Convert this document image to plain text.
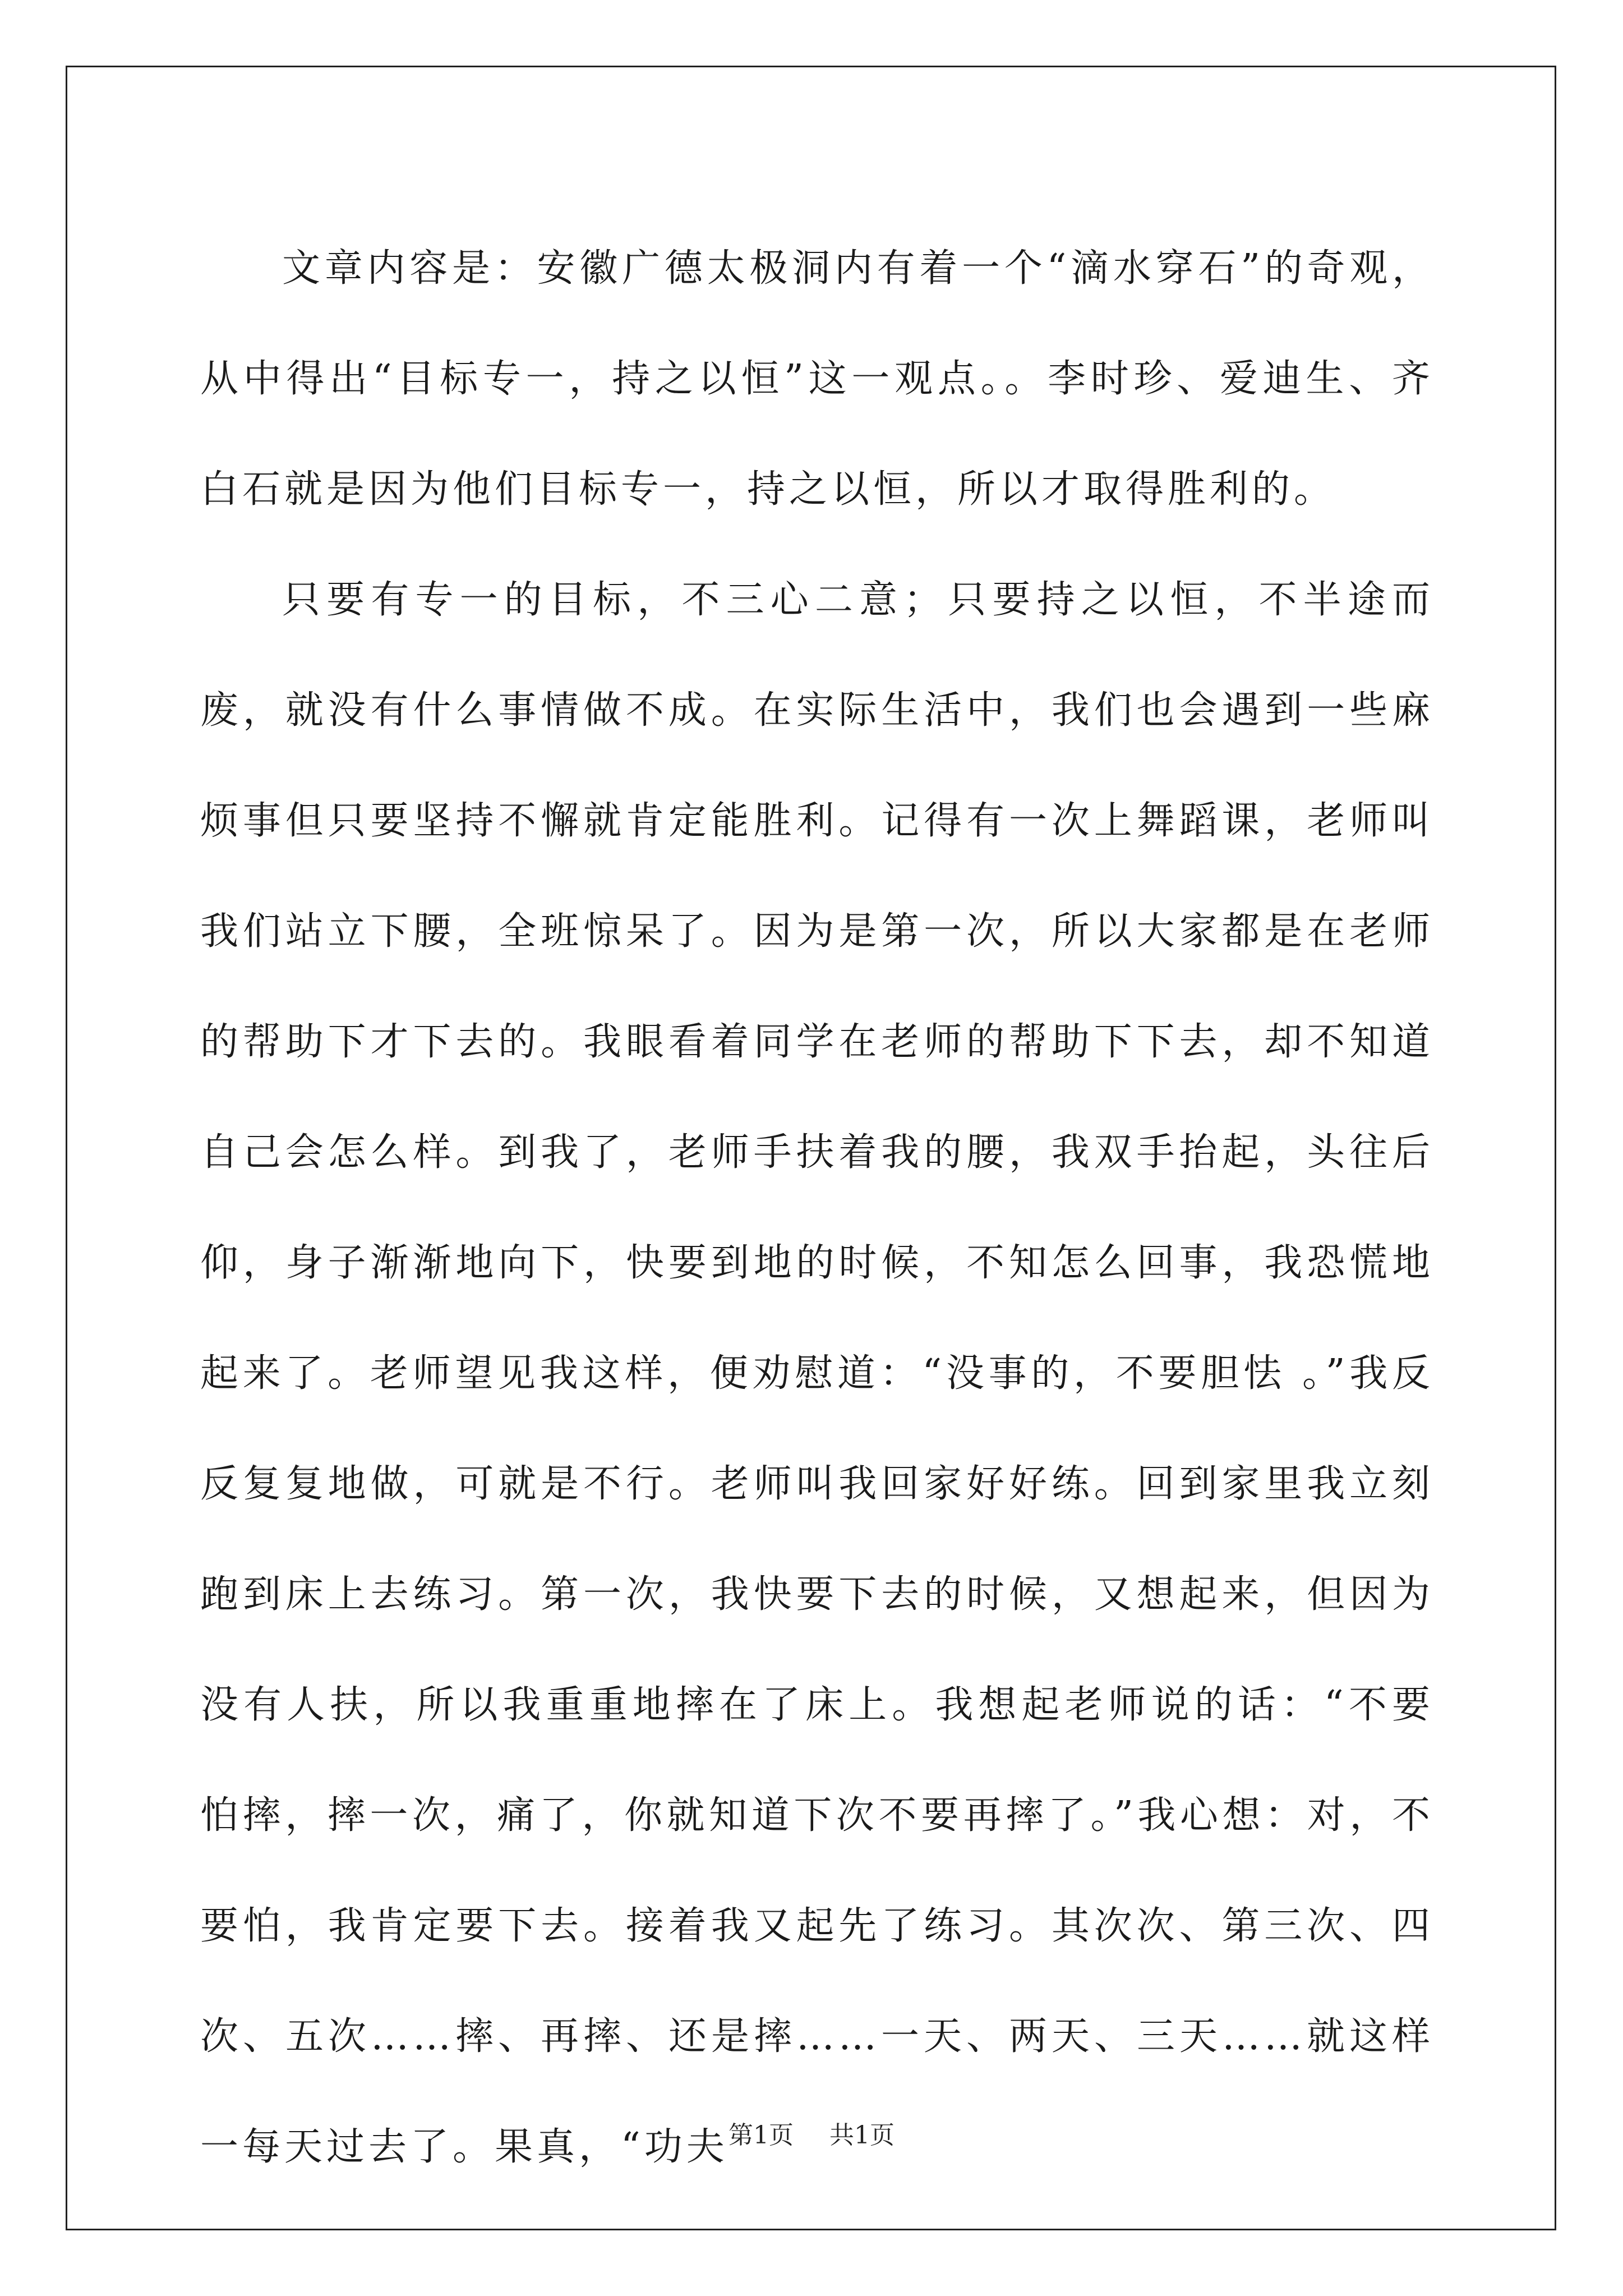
文章内容是：安徽广德太极洞内有着一个“滴水穿石”的奇观，从中得出“目标专一，持之以恒”这一观点。。李时珍、爱迪生、齐白石就是因为他们目标专一，持之以恒，所以才取得胜利的。

只要有专一的目标，不三心二意；只要持之以恒，不半途而废，就没有什么事情做不成。在实际生活中，我们也会遇到一些麻烦事但只要坚持不懈就肯定能胜利。记得有一次上舞蹈课，老师叫我们站立下腰，全班惊呆了。因为是第一次，所以大家都是在老师的帮助下才下去的。我眼看着同学在老师的帮助下下去，却不知道自己会怎么样。到我了，老师手扶着我的腰，我双手抬起，头往后仰，身子渐渐地向下，快要到地的时候，不知怎么回事，我恐慌地起来了。老师望见我这样，便劝慰道：“没事的，不要胆怯 。”我反反复复地做，可就是不行。老师叫我回家好好练。回到家里我立刻跑到床上去练习。第一次，我快要下去的时候，又想起来，但因为没有人扶，所以我重重地摔在了床上。我想起老师说的话：“不要怕摔，摔一次，痛了，你就知道下次不要再摔了。”我心想：对，不要怕，我肯定要下去。接着我又起先了练习。其次次、第三次、四次、五次……摔、再摔、还是摔……一天、两天、三天……就这样一每天过去了。果真，“功夫 第1页 共1页
